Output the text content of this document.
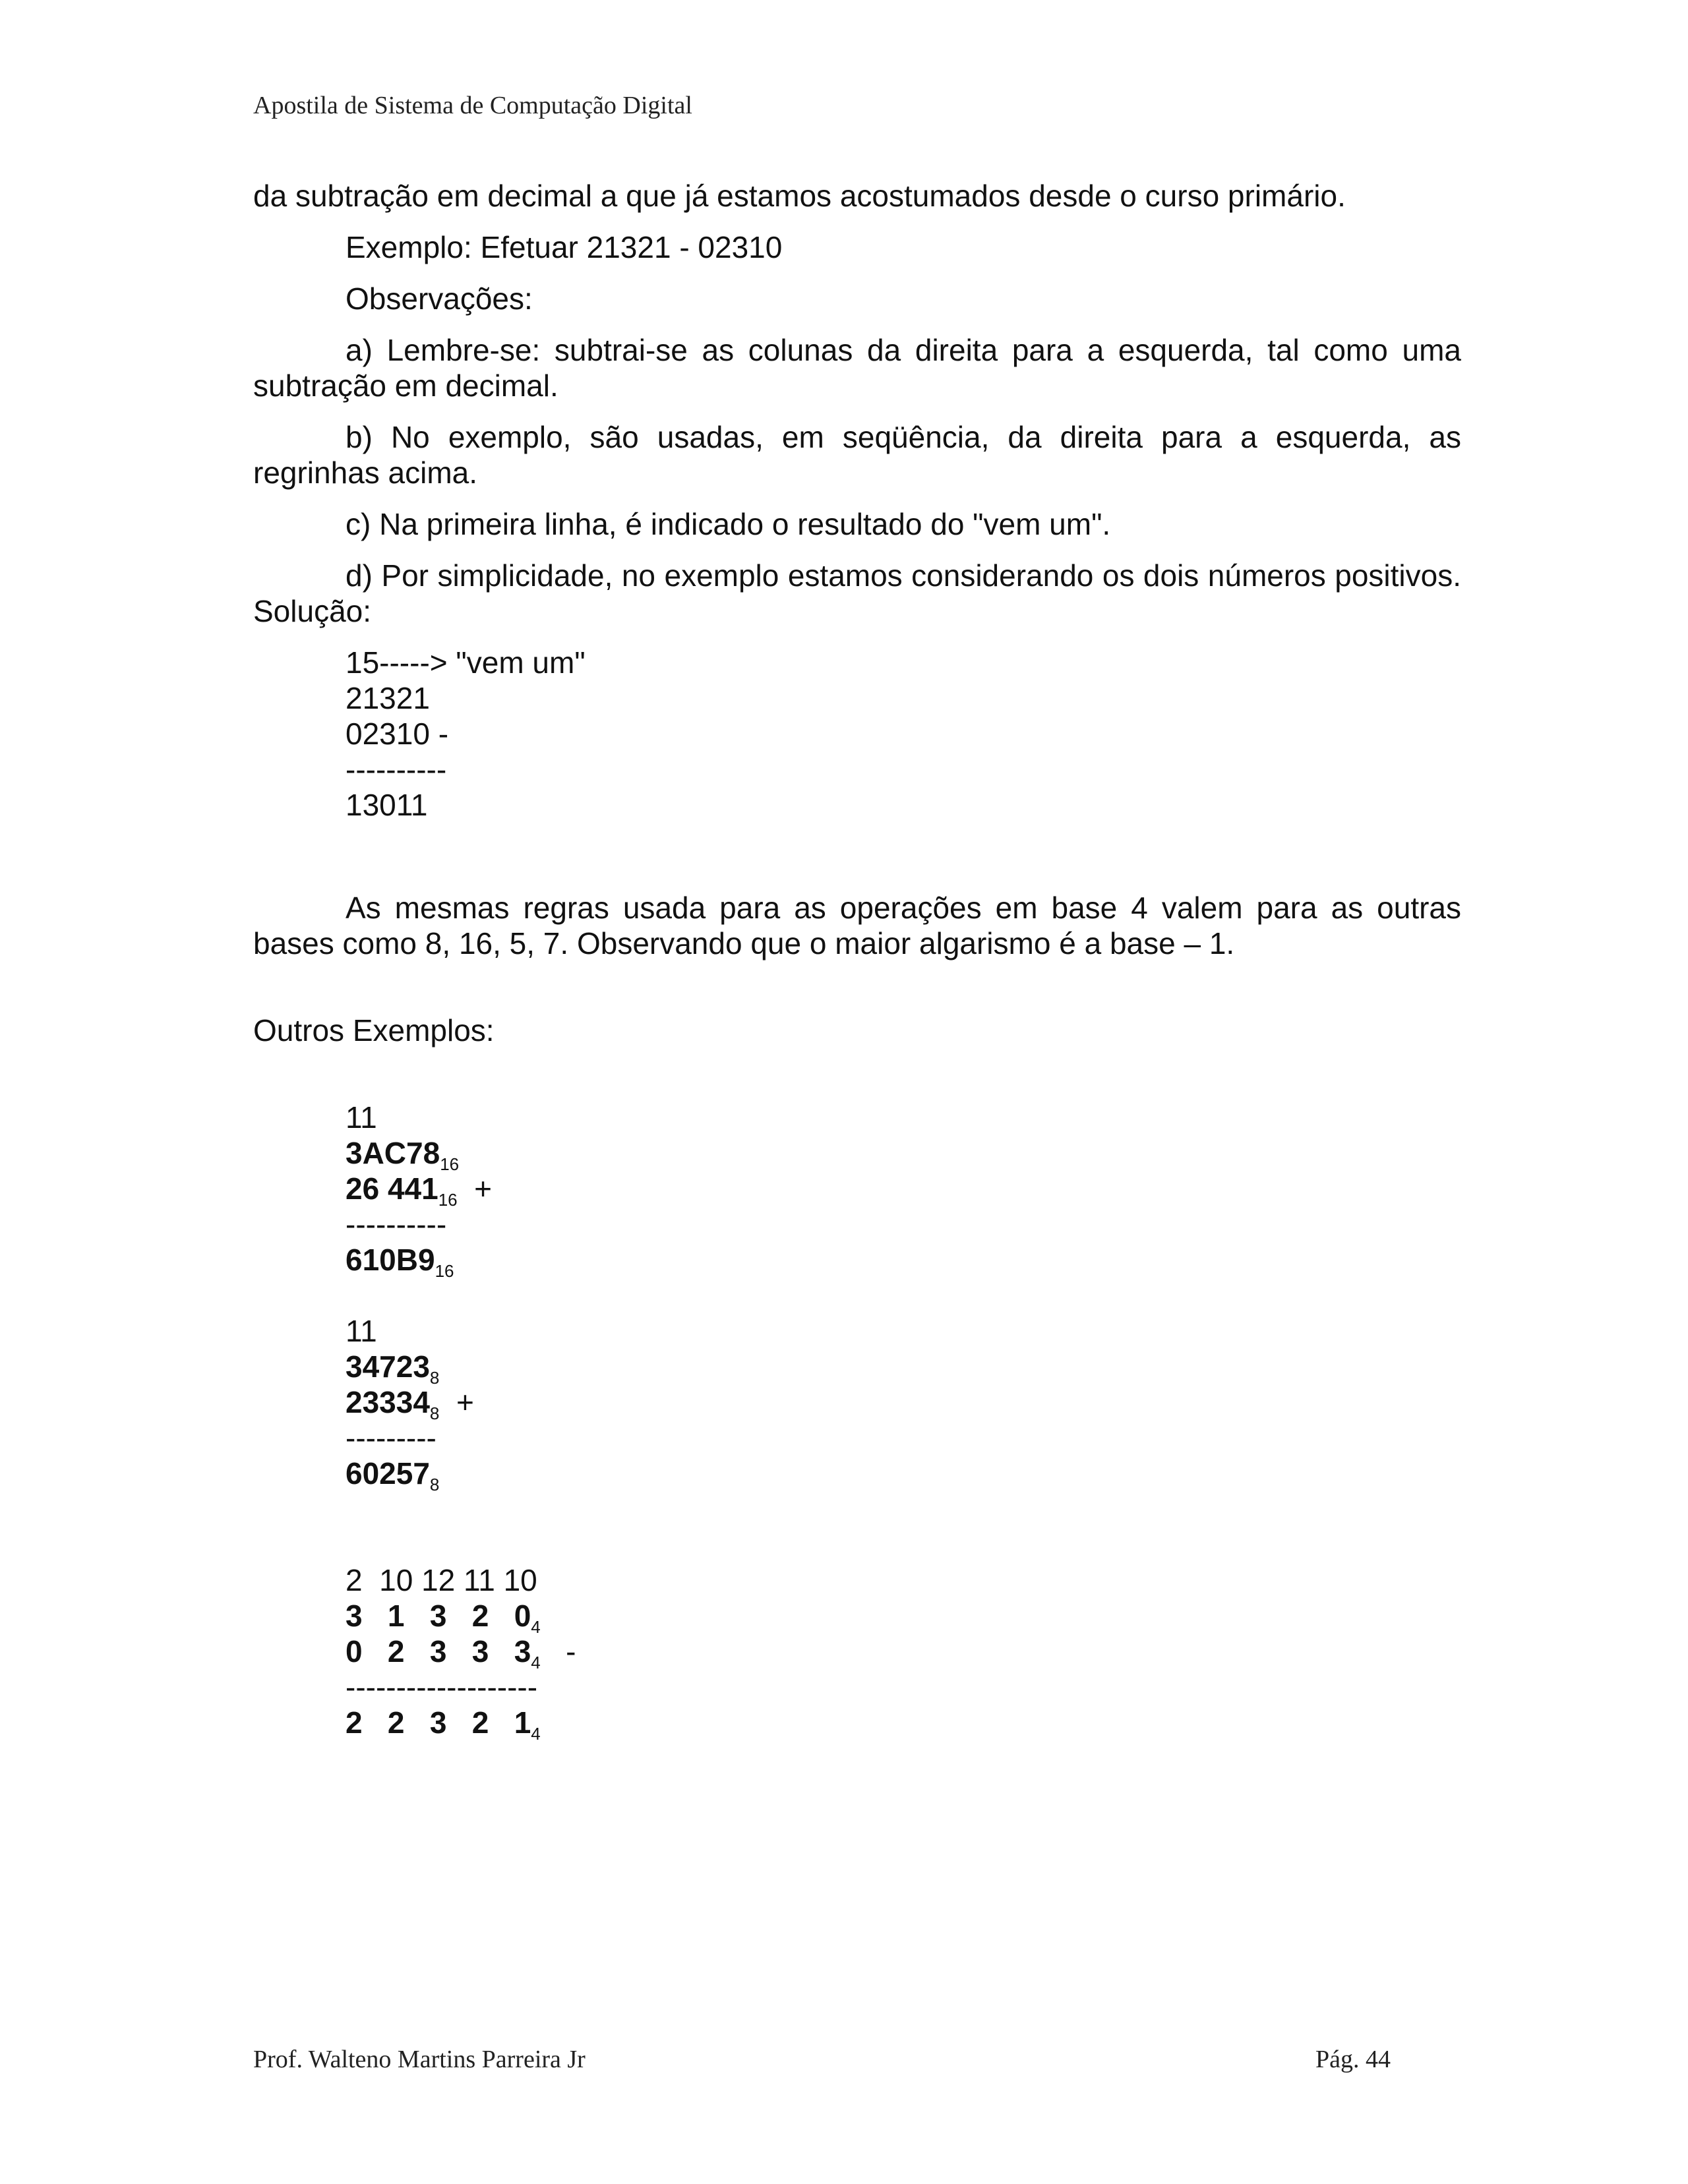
Apostila de Sistema de Computação Digital

da subtração em decimal a que já estamos acostumados desde o curso primário.

Exemplo: Efetuar 21321 - 02310

Observações:

a) Lembre-se: subtrai-se as colunas da direita para a esquerda, tal como uma subtração em decimal.

b) No exemplo, são usadas, em seqüência, da direita para a esquerda, as regrinhas acima.

c) Na primeira linha, é indicado o resultado do "vem um".

d) Por simplicidade, no exemplo estamos considerando os dois números positivos. Solução:

15-----> "vem um"
21321
02310 -
----------
13011

As mesmas regras usada para as operações em base 4 valem para as outras bases como 8, 16, 5, 7. Observando que o maior algarismo é a base – 1.

Outros Exemplos:

11
$3AC78_{16}$
26 $441_{16}$  +
----------
$610B9_{16}$
11
$34723_8$
$23334_8$  +
---------
$60257_8$
2  10 12 11 10
3   1   3   2   $0_4$
0   2   3   3   $3_4$   -
-------------------
2   2   3   2   $1_4$
Prof. Walteno Martins Parreira Jr	Pág. 44
